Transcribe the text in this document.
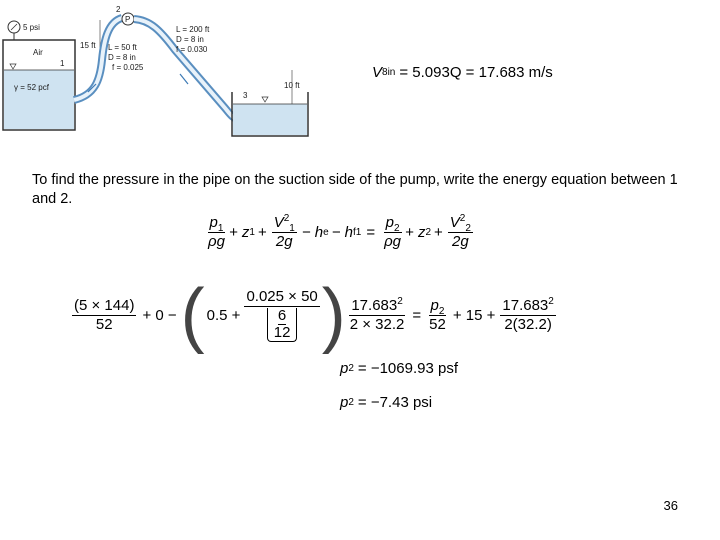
5 psi
Air
1
γ = 52 pcf
15 ft
P
2
L = 50 ft
D = 8 in
f = 0.025
L = 200 ft
D = 8 in
f = 0.030
3
10 ft
V 8in = 5.093Q = 17.683 m/s
To find the pressure in the pipe on the suction side of the pump, write the energy equation between 1 and 2.
$\frac{p_1}{\rho g} + z$ $1 + \frac{V^2_1}{2g} - h$ e − h $f1 = \frac{p_2}{\rho g} + z$ $2 + \frac{V^2_2}{2g}$
$\frac{(5 \times 144)}{52} + 0$ − ( $0.5 + \frac{0.025 \times 50}{\frac{6}{12}}$ ) $\frac{17.683^2}{2 \times 32.2} = \frac{p_2}{52} + 15 + \frac{17.683^2}{2(32.2)}$
p 2 = −1069.93 psf
p 2 = −7.43 psi
36
